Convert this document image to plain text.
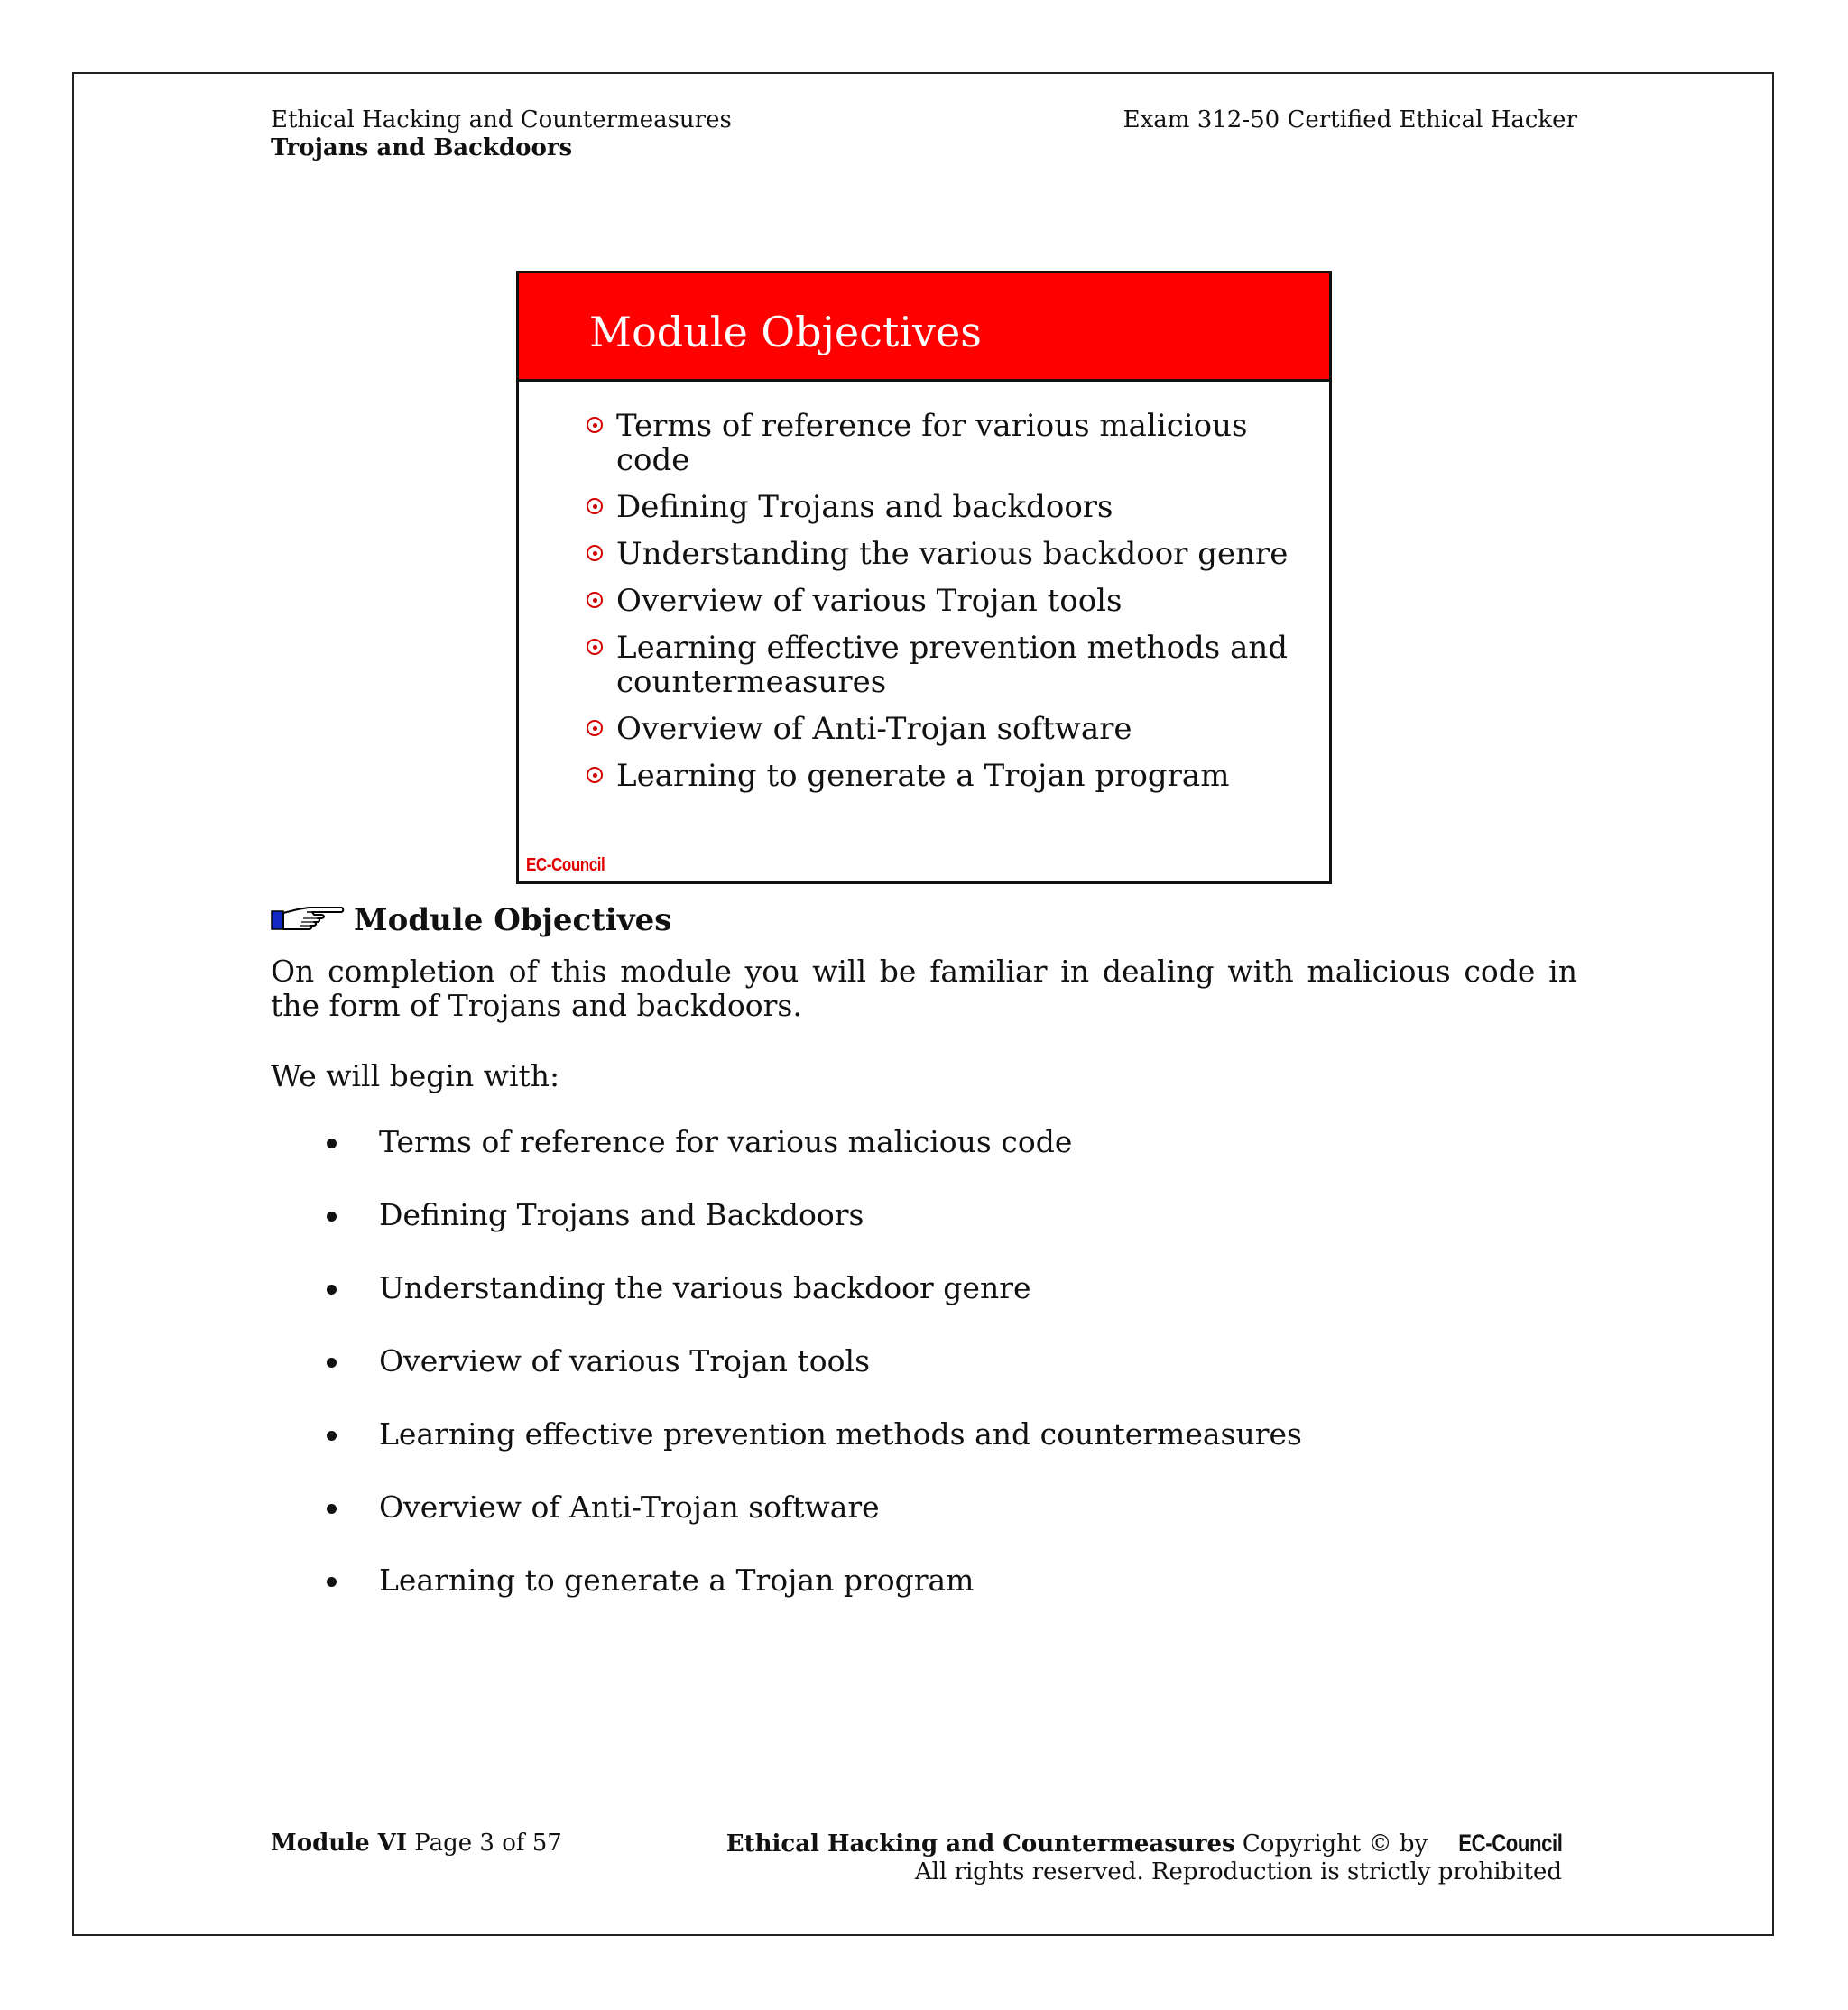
Ethical Hacking and Countermeasures
Trojans and Backdoors
Exam 312-50 Certified Ethical Hacker
Module Objectives
Terms of reference for various malicious code
Defining Trojans and backdoors
Understanding the various backdoor genre
Overview of various Trojan tools
Learning effective prevention methods and countermeasures
Overview of Anti-Trojan software
Learning to generate a Trojan program
EC-Council
Module Objectives
On completion of this module you will be familiar in dealing with malicious code in the form of Trojans and backdoors.
We will begin with:
Terms of reference for various malicious code
Defining Trojans and Backdoors
Understanding the various backdoor genre
Overview of various Trojan tools
Learning effective prevention methods and countermeasures
Overview of Anti-Trojan software
Learning to generate a Trojan program
Module VI Page 3 of 57	Ethical Hacking and Countermeasures Copyright © by EC-Council
All rights reserved. Reproduction is strictly prohibited
